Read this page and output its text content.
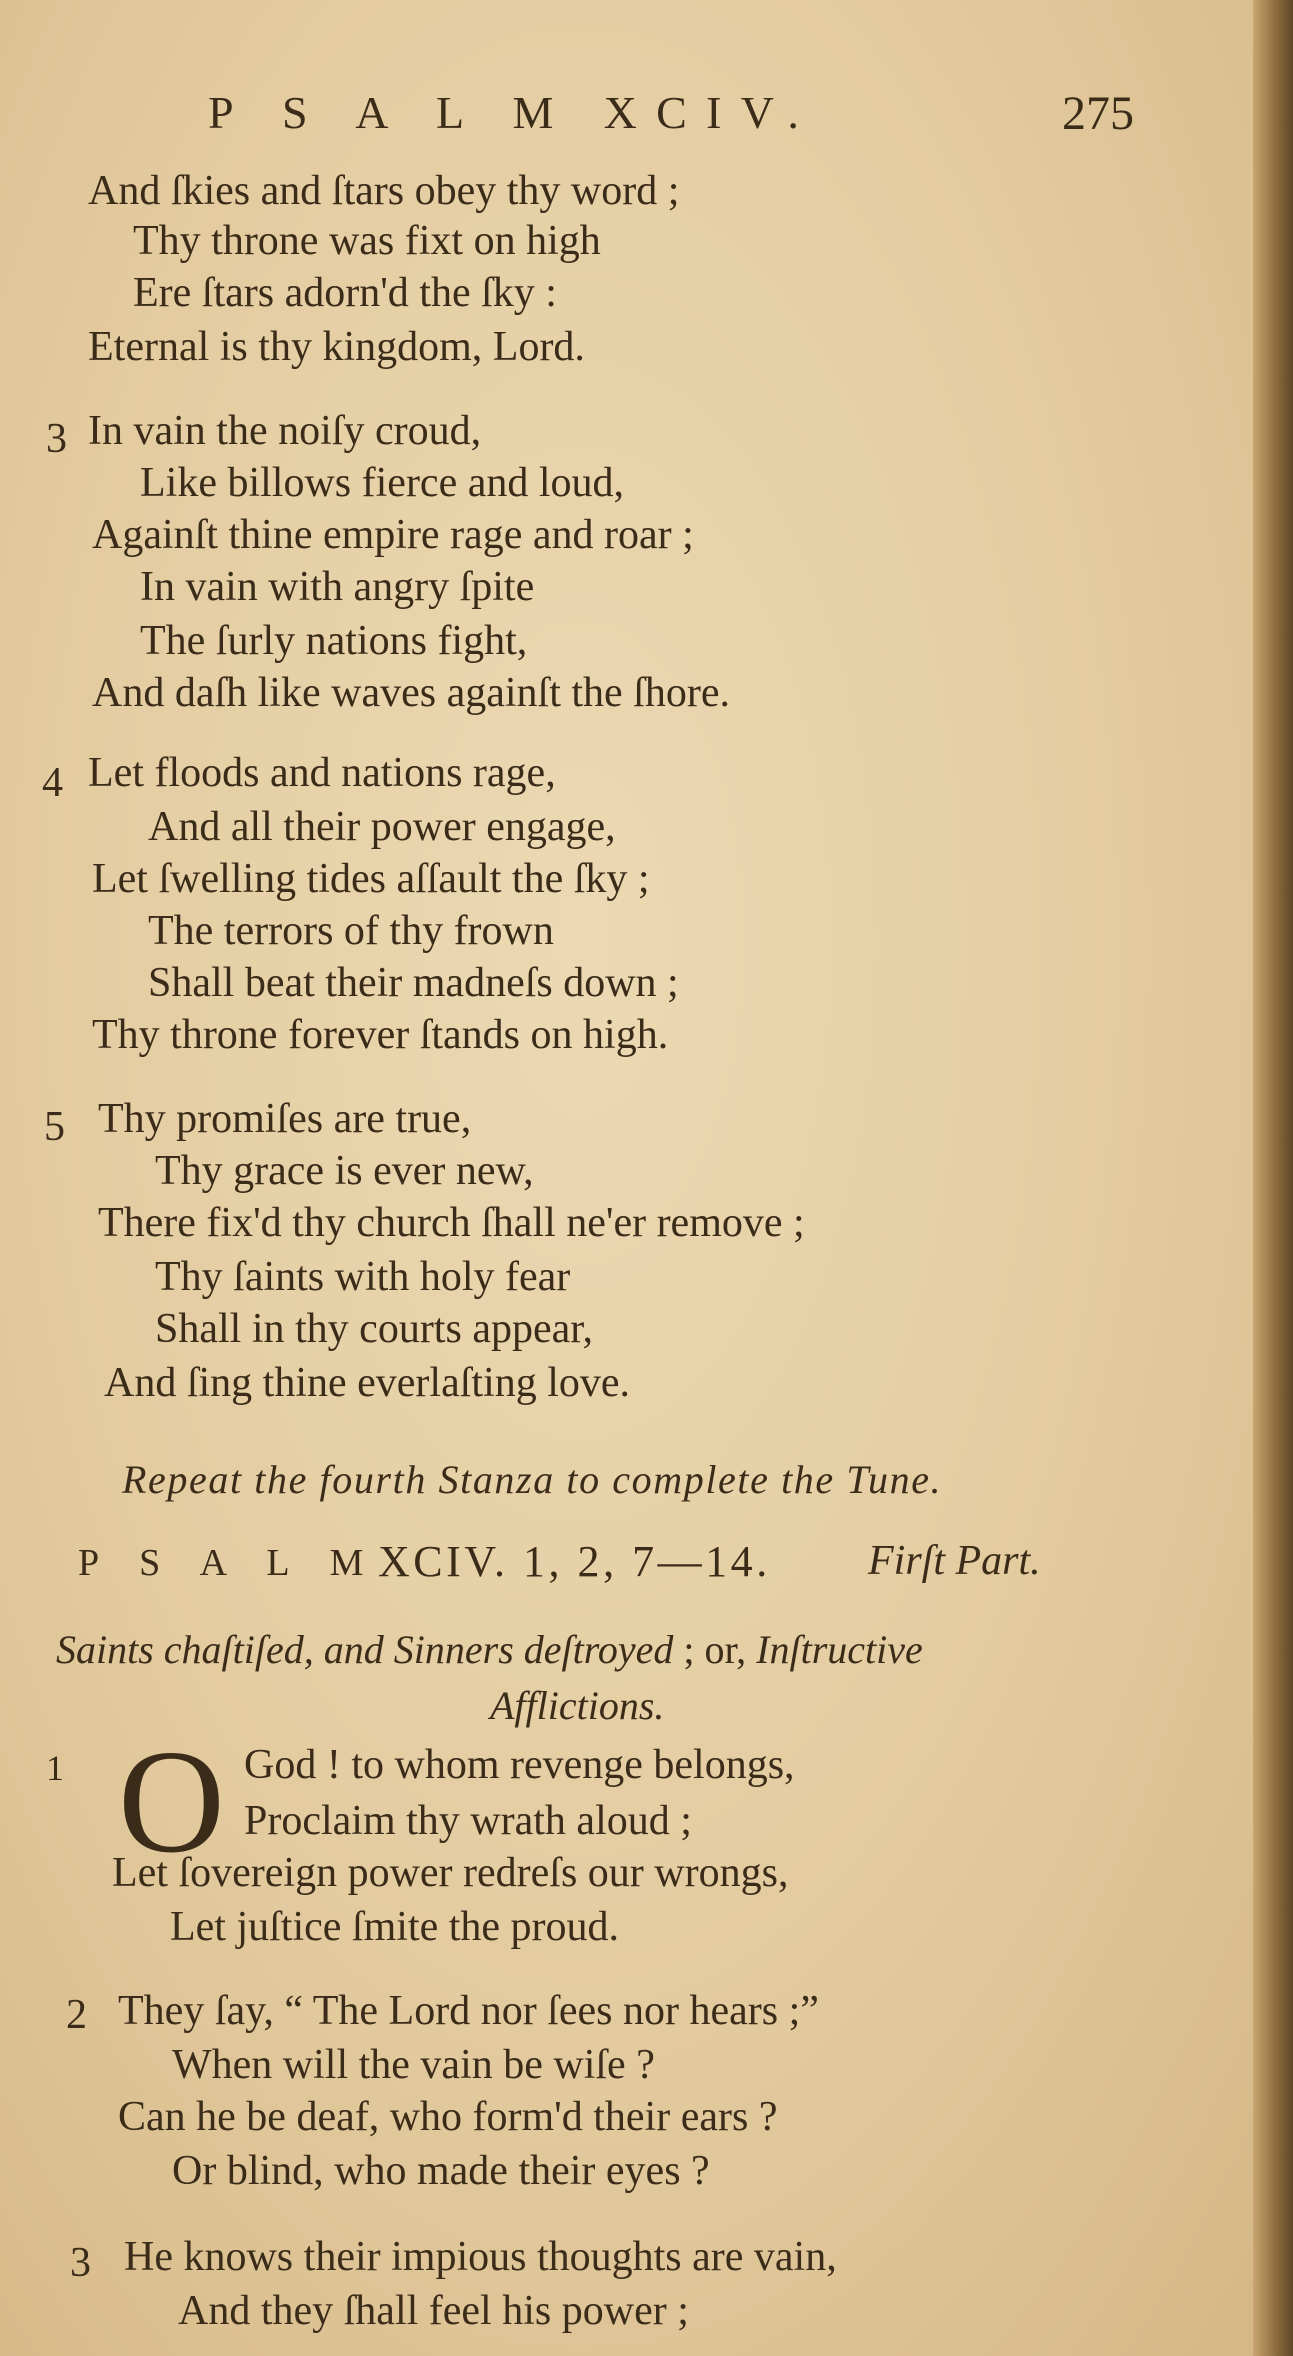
P S A L M XCIV.	275
And ſkies and ſtars obey thy word ;
Thy throne was fixt on high
Ere ſtars adorn'd the ſky :
Eternal is thy kingdom, Lord.
3 In vain the noiſy croud,
Like billows fierce and loud,
Againſt thine empire rage and roar ;
In vain with angry ſpite
The ſurly nations fight,
And daſh like waves againſt the ſhore.
4 Let floods and nations rage,
And all their power engage,
Let ſwelling tides aſſault the ſky ;
The terrors of thy frown
Shall beat their madneſs down ;
Thy throne forever ſtands on high.
5 Thy promiſes are true,
Thy grace is ever new,
There fix'd thy church ſhall ne'er remove ;
Thy ſaints with holy fear
Shall in thy courts appear,
And ſing thine everlaſting love.
Repeat the fourth Stanza to complete the Tune.
P S A L M
XCIV. 1, 2, 7—14. Firſt Part.
Saints chaſtiſed, and Sinners deſtroyed ; or, Inſtructive
Afflictions.
1 O God ! to whom revenge belongs,
Proclaim thy wrath aloud ;
Let ſovereign power redreſs our wrongs,
Let juſtice ſmite the proud.
2 They ſay, “ The Lord nor ſees nor hears ;”
When will the vain be wiſe ?
Can he be deaf, who form'd their ears ?
Or blind, who made their eyes ?
3 He knows their impious thoughts are vain,
And they ſhall feel his power ;
